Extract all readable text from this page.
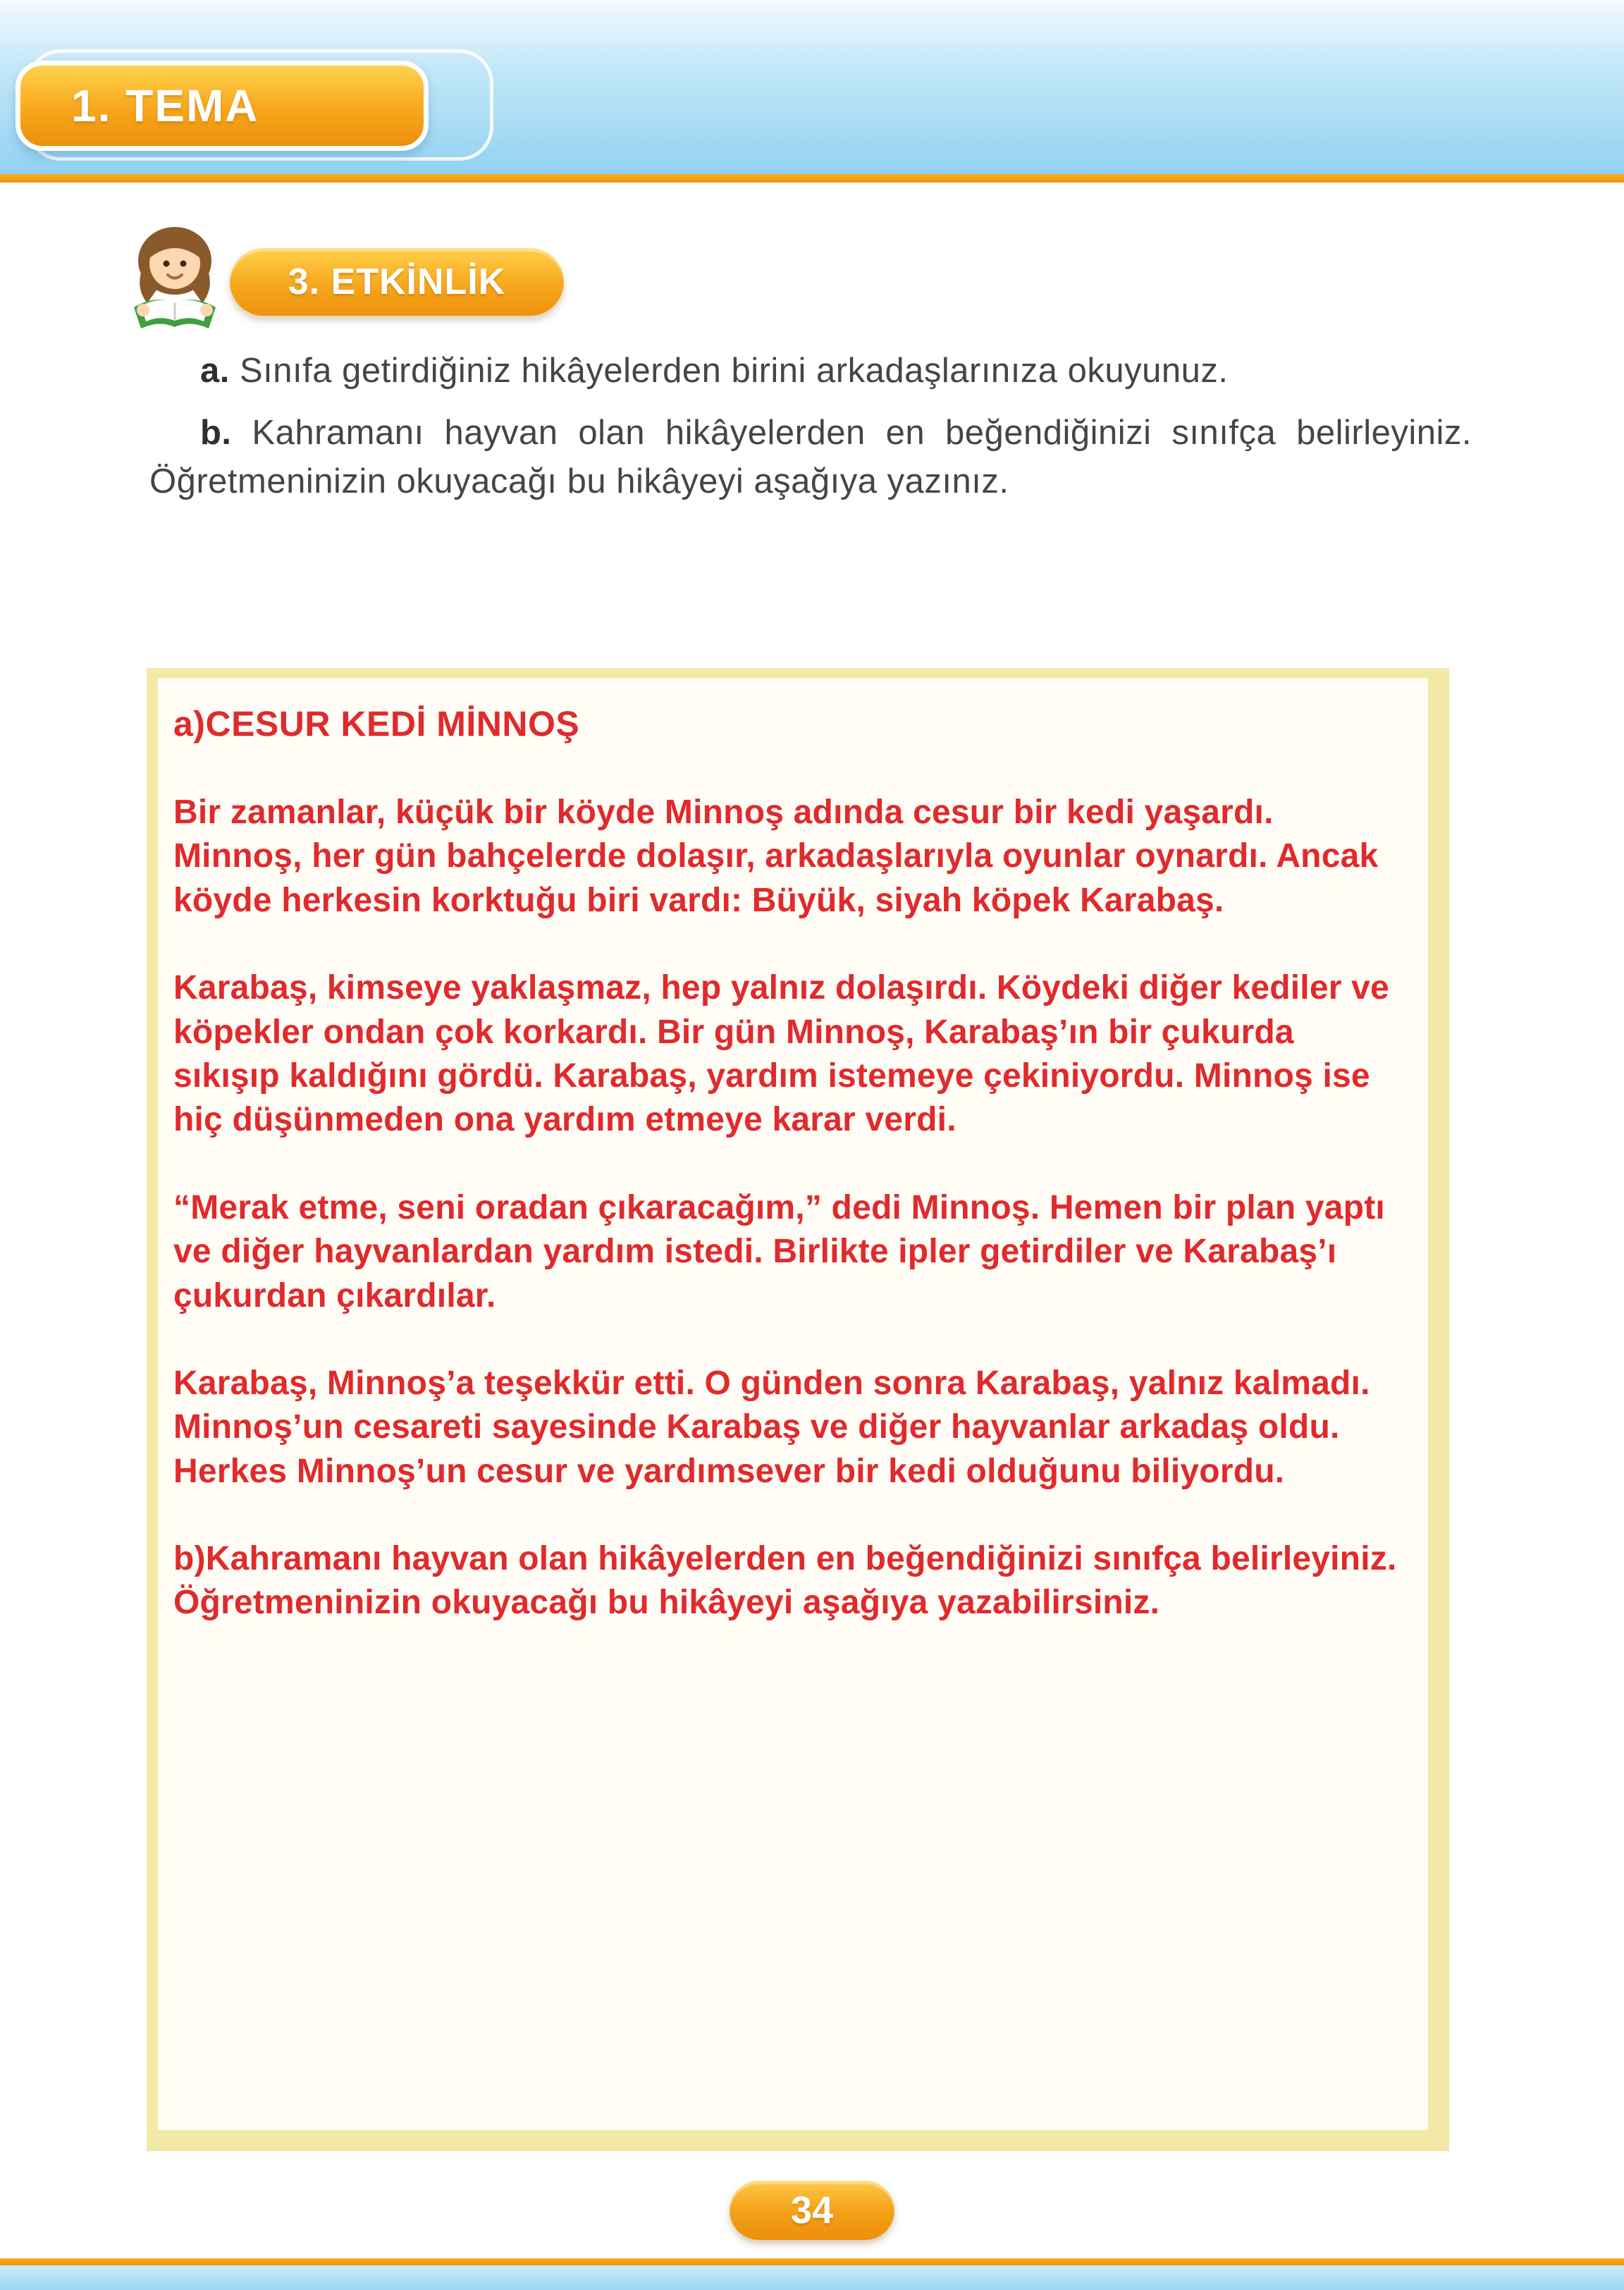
1. TEMA
3. ETKİNLİK

a. Sınıfa getirdiğiniz hikâyelerden birini arkadaşlarınıza okuyunuz.

b. Kahramanı hayvan olan hikâyelerden en beğendiğinizi sınıfça belirleyiniz. Öğretmeninizin okuyacağı bu hikâyeyi aşağıya yazınız.

a)CESUR KEDİ MİNNOŞ
Bir zamanlar, küçük bir köyde Minnoş adında cesur bir kedi yaşardı. Minnoş, her gün bahçelerde dolaşır, arkadaşlarıyla oyunlar oynardı. Ancak köyde herkesin korktuğu biri vardı: Büyük, siyah köpek Karabaş.
Karabaş, kimseye yaklaşmaz, hep yalnız dolaşırdı. Köydeki diğer kediler ve köpekler ondan çok korkardı. Bir gün Minnoş, Karabaş’ın bir çukurda sıkışıp kaldığını gördü. Karabaş, yardım istemeye çekiniyordu. Minnoş ise hiç düşünmeden ona yardım etmeye karar verdi.
“Merak etme, seni oradan çıkaracağım,” dedi Minnoş. Hemen bir plan yaptı ve diğer hayvanlardan yardım istedi. Birlikte ipler getirdiler ve Karabaş’ı çukurdan çıkardılar.
Karabaş, Minnoş’a teşekkür etti. O günden sonra Karabaş, yalnız kalmadı. Minnoş’un cesareti sayesinde Karabaş ve diğer hayvanlar arkadaş oldu. Herkes Minnoş’un cesur ve yardımsever bir kedi olduğunu biliyordu.
b)Kahramanı hayvan olan hikâyelerden en beğendiğinizi sınıfça belirleyiniz. Öğretmeninizin okuyacağı bu hikâyeyi aşağıya yazabilirsiniz.
34
